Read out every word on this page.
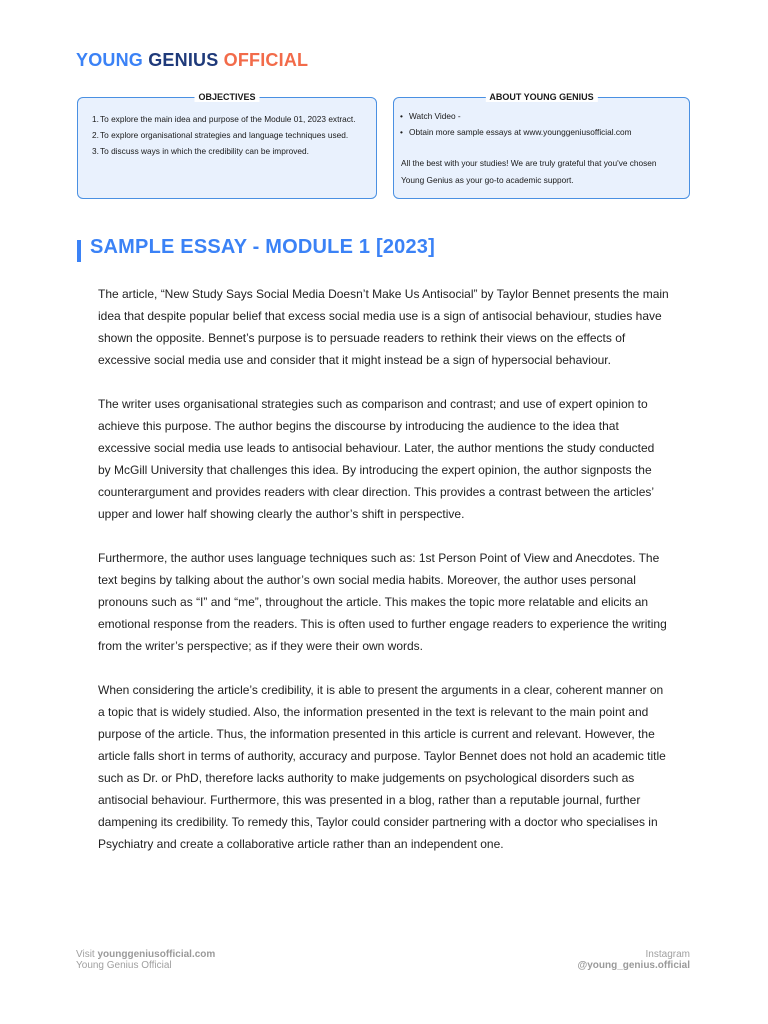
YOUNG GENIUS OFFICIAL
OBJECTIVES
1. To explore the main idea and purpose of the Module 01, 2023 extract.
2. To explore organisational strategies and language techniques used.
3. To discuss ways in which the credibility can be improved.
ABOUT YOUNG GENIUS
• Watch Video -
• Obtain more sample essays at www.younggeniusofficial.com
All the best with your studies! We are truly grateful that you've chosen Young Genius as your go-to academic support.
SAMPLE ESSAY - MODULE 1 [2023]

The article, “New Study Says Social Media Doesn’t Make Us Antisocial” by Taylor Bennet presents the main idea that despite popular belief that excess social media use is a sign of antisocial behaviour, studies have shown the opposite. Bennet’s purpose is to persuade readers to rethink their views on the effects of excessive social media use and consider that it might instead be a sign of hypersocial behaviour.

The writer uses organisational strategies such as comparison and contrast; and use of expert opinion to achieve this purpose. The author begins the discourse by introducing the audience to the idea that excessive social media use leads to antisocial behaviour. Later, the author mentions the study conducted by McGill University that challenges this idea. By introducing the expert opinion, the author signposts the counterargument and provides readers with clear direction. This provides a contrast between the articles’ upper and lower half showing clearly the author’s shift in perspective.

Furthermore, the author uses language techniques such as: 1st Person Point of View and Anecdotes. The text begins by talking about the author’s own social media habits. Moreover, the author uses personal pronouns such as “I” and “me”, throughout the article. This makes the topic more relatable and elicits an emotional response from the readers. This is often used to further engage readers to experience the writing from the writer’s perspective; as if they were their own words.

When considering the article’s credibility, it is able to present the arguments in a clear, coherent manner on a topic that is widely studied. Also, the information presented in the text is relevant to the main point and purpose of the article. Thus, the information presented in this article is current and relevant. However, the article falls short in terms of authority, accuracy and purpose. Taylor Bennet does not hold an academic title such as Dr. or PhD, therefore lacks authority to make judgements on psychological disorders such as antisocial behaviour. Furthermore, this was presented in a blog, rather than a reputable journal, further dampening its credibility. To remedy this, Taylor could consider partnering with a doctor who specialises in Psychiatry and create a collaborative article rather than an independent one.

Visit younggeniusofficial.com
Young Genius Official
Instagram
@young_genius.official
